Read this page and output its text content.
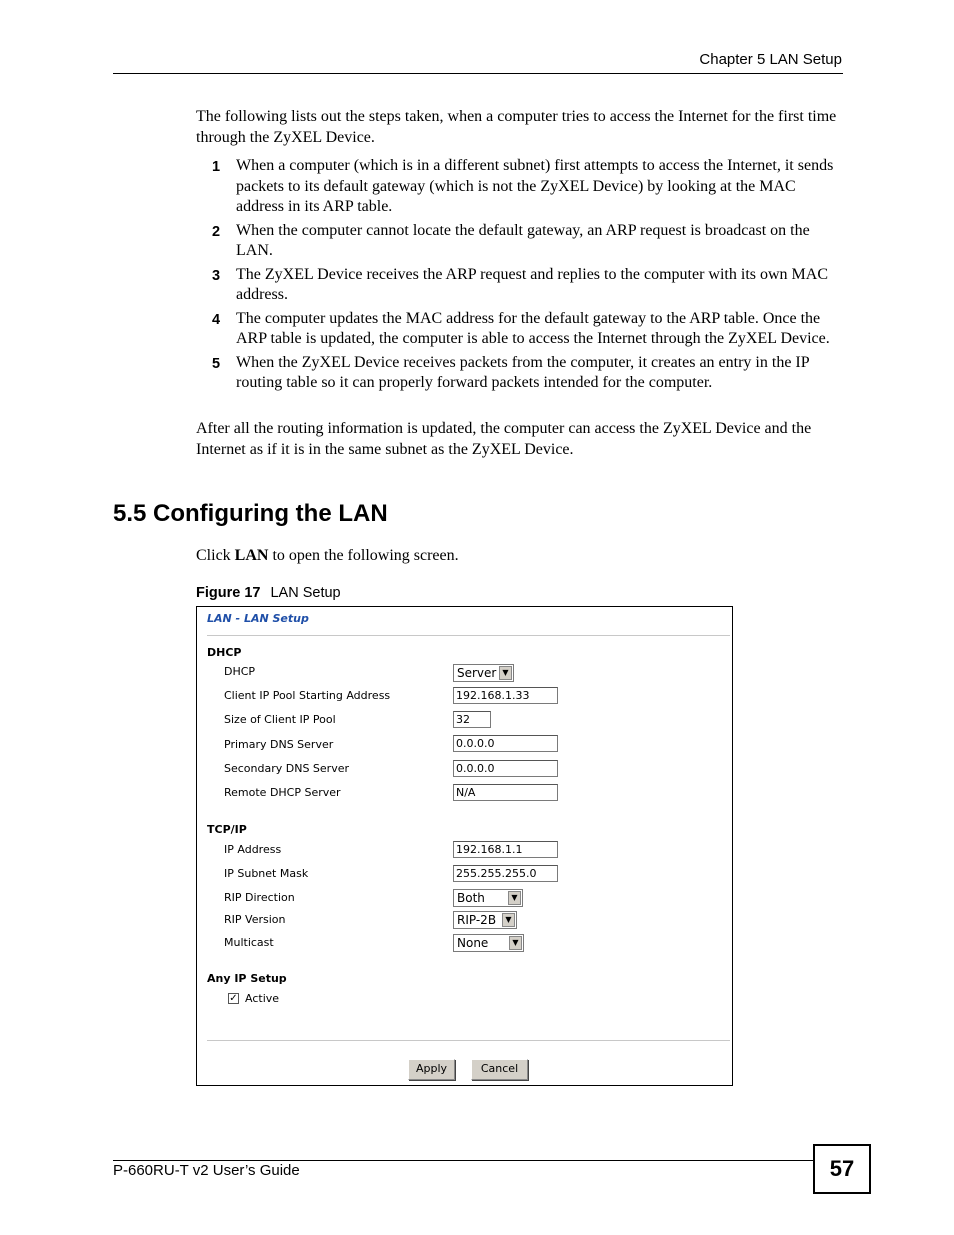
Chapter 5 LAN Setup

The following lists out the steps taken, when a computer tries to access the Internet for the first time through the ZyXEL Device.

1 When a computer (which is in a different subnet) first attempts to access the Internet, it sends packets to its default gateway (which is not the ZyXEL Device) by looking at the MAC address in its ARP table.
2 When the computer cannot locate the default gateway, an ARP request is broadcast on the LAN.
3 The ZyXEL Device receives the ARP request and replies to the computer with its own MAC address.
4 The computer updates the MAC address for the default gateway to the ARP table. Once the ARP table is updated, the computer is able to access the Internet through the ZyXEL Device.
5 When the ZyXEL Device receives packets from the computer, it creates an entry in the IP routing table so it can properly forward packets intended for the computer.

After all the routing information is updated, the computer can access the ZyXEL Device and the Internet as if it is in the same subnet as the ZyXEL Device.

5.5 Configuring the LAN

Click LAN to open the following screen.

Figure 17 LAN Setup
LAN - LAN Setup
DHCP
DHCP	Server ▼
Client IP Pool Starting Address	192.168.1.33
Size of Client IP Pool	32
Primary DNS Server	0.0.0.0
Secondary DNS Server	0.0.0.0
Remote DHCP Server	N/A
TCP/IP
IP Address	192.168.1.1
IP Subnet Mask	255.255.255.0
RIP Direction	Both	▼
RIP Version	RIP-2B	▼
Multicast	None	▼
Any IP Setup
✓ Active
Apply	Cancel
P-660RU-T v2 User’s Guide	57
